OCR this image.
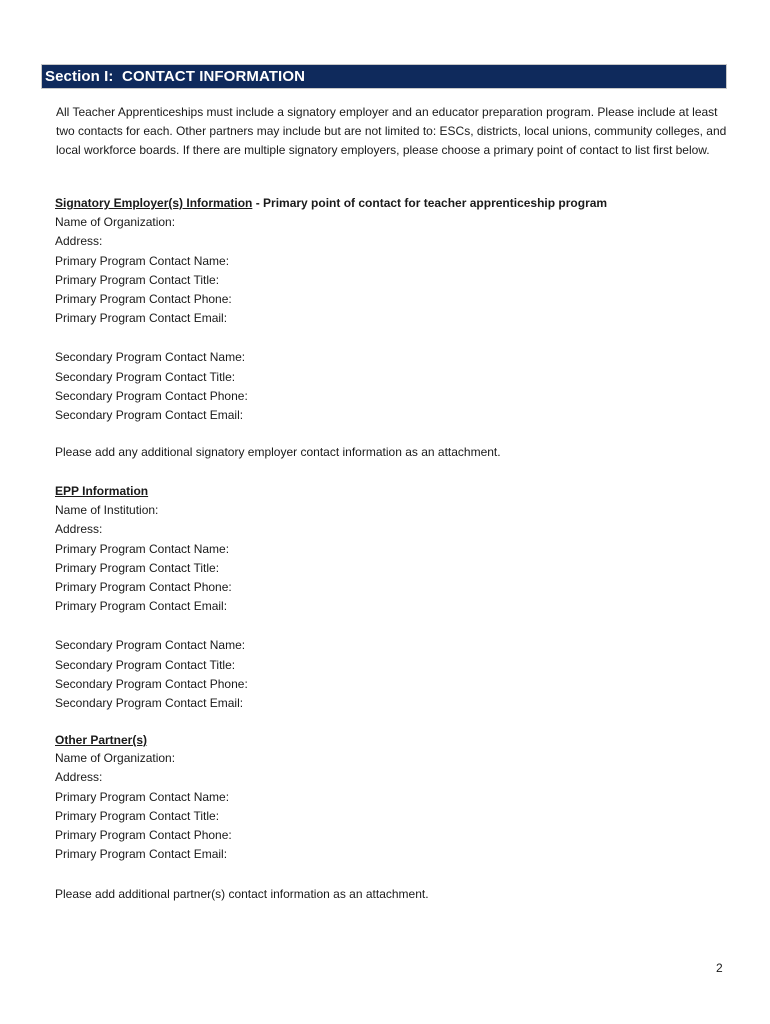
Section I:  CONTACT INFORMATION

All Teacher Apprenticeships must include a signatory employer and an educator preparation program. Please include at least two contacts for each. Other partners may include but are not limited to: ESCs, districts, local unions, community colleges, and local workforce boards. If there are multiple signatory employers, please choose a primary point of contact to list first below.

Signatory Employer(s) Information - Primary point of contact for teacher apprenticeship program
Name of Organization:
Address:
Primary Program Contact Name:
Primary Program Contact Title:
Primary Program Contact Phone:
Primary Program Contact Email:
Secondary Program Contact Name:
Secondary Program Contact Title:
Secondary Program Contact Phone:
Secondary Program Contact Email:
Please add any additional signatory employer contact information as an attachment.
EPP Information
Name of Institution:
Address:
Primary Program Contact Name:
Primary Program Contact Title:
Primary Program Contact Phone:
Primary Program Contact Email:
Secondary Program Contact Name:
Secondary Program Contact Title:
Secondary Program Contact Phone:
Secondary Program Contact Email:
Other Partner(s)
Name of Organization:
Address:
Primary Program Contact Name:
Primary Program Contact Title:
Primary Program Contact Phone:
Primary Program Contact Email:
Please add additional partner(s) contact information as an attachment.
2
